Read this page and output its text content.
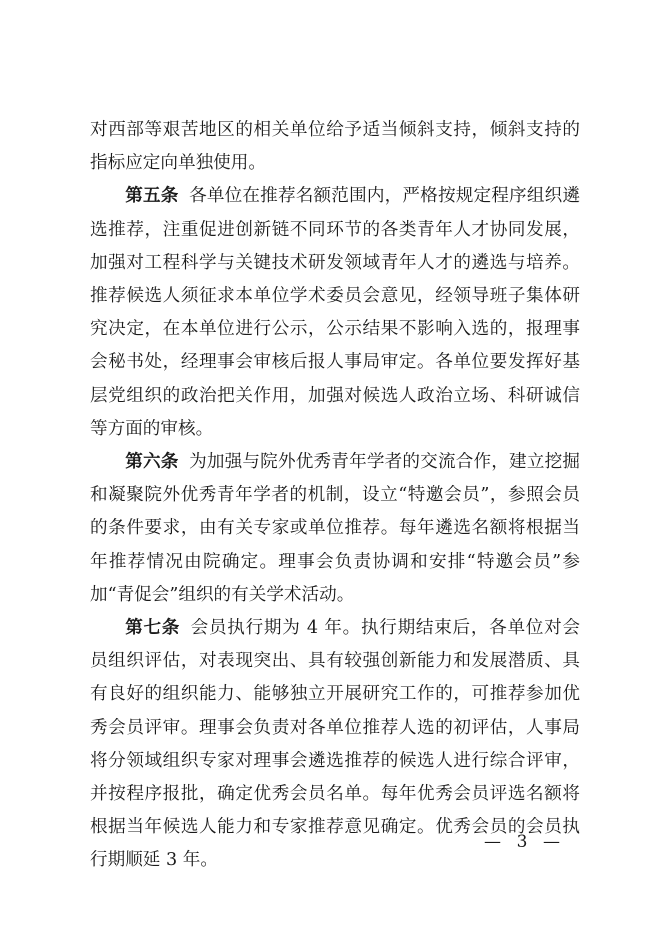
对西部等艰苦地区的相关单位给予适当倾斜支持，倾斜支持的指标应定向单独使用。

第五条 各单位在推荐名额范围内，严格按规定程序组织遴选推荐，注重促进创新链不同环节的各类青年人才协同发展，加强对工程科学与关键技术研发领域青年人才的遴选与培养。推荐候选人须征求本单位学术委员会意见，经领导班子集体研究决定，在本单位进行公示，公示结果不影响入选的，报理事会秘书处，经理事会审核后报人事局审定。各单位要发挥好基层党组织的政治把关作用，加强对候选人政治立场、科研诚信等方面的审核。

第六条 为加强与院外优秀青年学者的交流合作，建立挖掘和凝聚院外优秀青年学者的机制，设立“特邀会员”，参照会员的条件要求，由有关专家或单位推荐。每年遴选名额将根据当年推荐情况由院确定。理事会负责协调和安排“特邀会员”参加“青促会”组织的有关学术活动。

第七条 会员执行期为 4 年。执行期结束后，各单位对会员组织评估，对表现突出、具有较强创新能力和发展潜质、具有良好的组织能力、能够独立开展研究工作的，可推荐参加优秀会员评审。理事会负责对各单位推荐人选的初评估，人事局将分领域组织专家对理事会遴选推荐的候选人进行综合评审，并按程序报批，确定优秀会员名单。每年优秀会员评选名额将根据当年候选人能力和专家推荐意见确定。优秀会员的会员执行期顺延 3 年。

— 3 —
